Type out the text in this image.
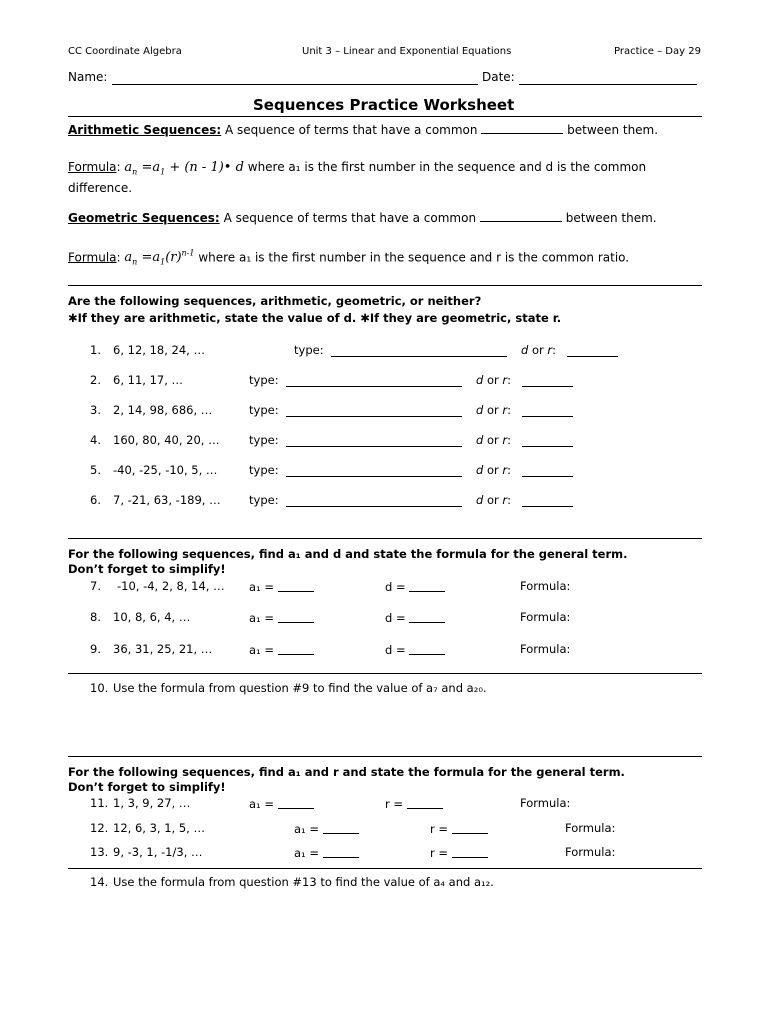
CC Coordinate Algebra	Unit 3 – Linear and Exponential Equations	Practice – Day 29
Name:	Date:
Sequences Practice Worksheet
Arithmetic Sequences: A sequence of terms that have a common	between them.
Formula: $a_n =a_1 + (n$ - 1)• d where a₁ is the first number in the sequence and d is the common
difference.
Geometric Sequences: A sequence of terms that have a common	between them.
Formula: $a_n =a_1(r)^{n-1}$ where a₁ is the first number in the sequence and r is the common ratio.
Are the following sequences, arithmetic, geometric, or neither?
✱If they are arithmetic, state the value of d. ✱If they are geometric, state r.
1. 6, 12, 18, 24, …	type:	d or r:
2. 6, 11, 17, …	type:	d or r:
3. 2, 14, 98, 686, …	type:	d or r:
4. 160, 80, 40, 20, …	type:	d or r:
5. -40, -25, -10, 5, …	type:	d or r:
6. 7, -21, 63, -189, … type:	d or r:
For the following sequences, find a₁ and d and state the formula for the general term.
Don’t forget to simplify!
7. -10, -4, 2, 8, 14, … a₁ =	d =	Formula:
8. 10, 8, 6, 4, …	a₁ =	d =	Formula:
9. 36, 31, 25, 21, …	a₁ =	d =	Formula:
10. Use the formula from question #9 to find the value of a₇ and a₂₀.
For the following sequences, find a₁ and r and state the formula for the general term.
Don’t forget to simplify!
11. 1, 3, 9, 27, …	a₁ =	r =	Formula:
12. 12, 6, 3, 1, 5, …	a₁ =	r =	Formula:
13. 9, -3, 1, -1/3, …	a₁ =	r =	Formula:
14. Use the formula from question #13 to find the value of a₄ and a₁₂.
